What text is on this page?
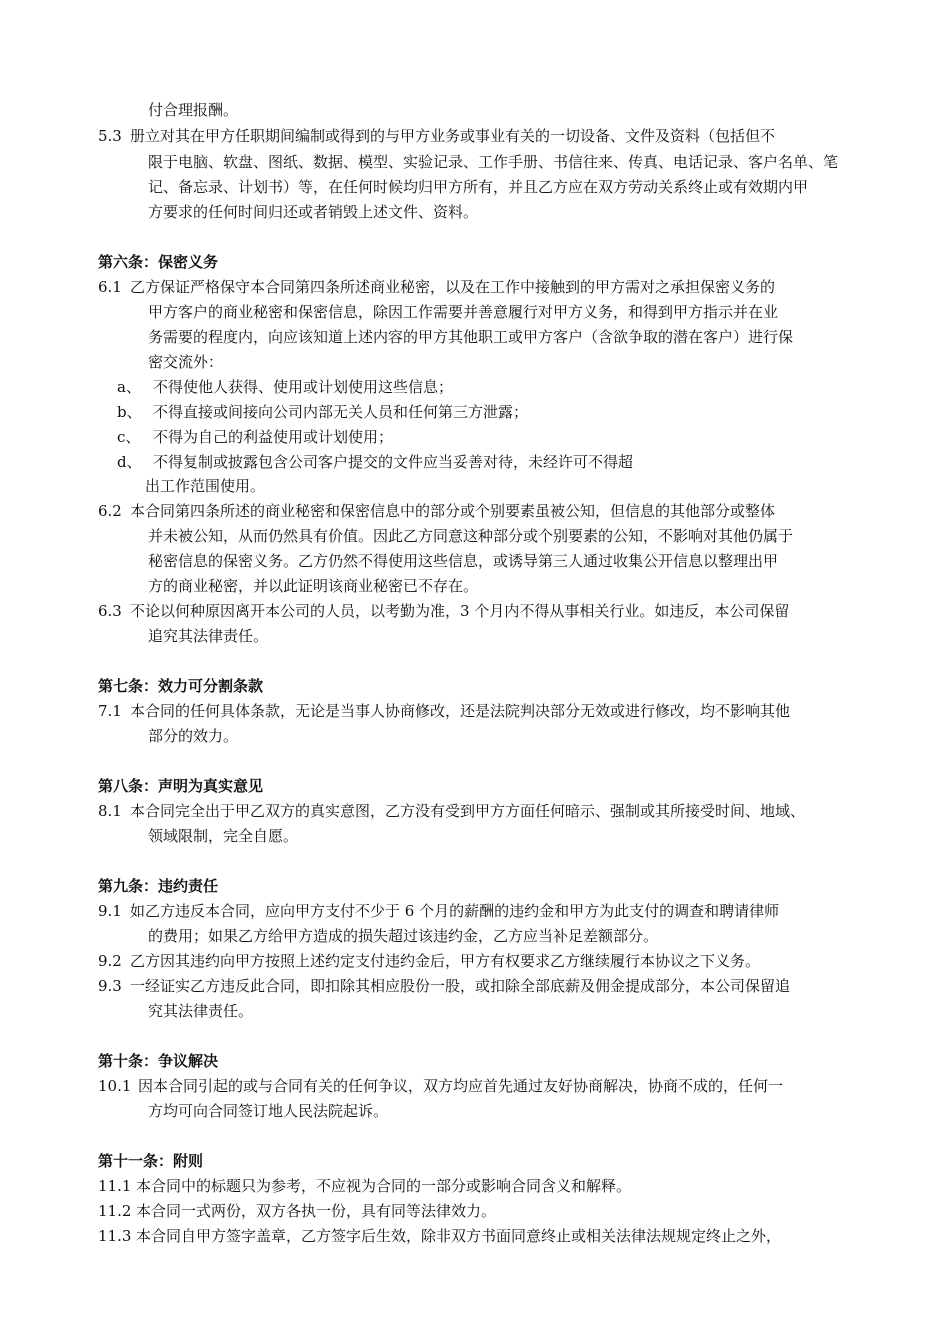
付合理报酬。
5.3 册立对其在甲方任职期间编制或得到的与甲方业务或事业有关的一切设备、文件及资料（包括但不
限于电脑、软盘、图纸、数据、模型、实验记录、工作手册、书信往来、传真、电话记录、客户名单、笔
记、备忘录、计划书）等，在任何时候均归甲方所有，并且乙方应在双方劳动关系终止或有效期内甲
方要求的任何时间归还或者销毁上述文件、资料。
第六条：保密义务
6.1 乙方保证严格保守本合同第四条所述商业秘密，以及在工作中接触到的甲方需对之承担保密义务的
甲方客户的商业秘密和保密信息，除因工作需要并善意履行对甲方义务，和得到甲方指示并在业
务需要的程度内，向应该知道上述内容的甲方其他职工或甲方客户（含欲争取的潜在客户）进行保
密交流外：
a、 不得使他人获得、使用或计划使用这些信息；
b、 不得直接或间接向公司内部无关人员和任何第三方泄露；
c、 不得为自己的利益使用或计划使用；
d、 不得复制或披露包含公司客户提交的文件应当妥善对待，未经许可不得超
出工作范围使用。
6.2 本合同第四条所述的商业秘密和保密信息中的部分或个别要素虽被公知，但信息的其他部分或整体
并未被公知，从而仍然具有价值。因此乙方同意这种部分或个别要素的公知，不影响对其他仍属于
秘密信息的保密义务。乙方仍然不得使用这些信息，或诱导第三人通过收集公开信息以整理出甲
方的商业秘密，并以此证明该商业秘密已不存在。
6.3 不论以何种原因离开本公司的人员，以考勤为准，3 个月内不得从事相关行业。如违反，本公司保留
追究其法律责任。
第七条：效力可分割条款
7.1 本合同的任何具体条款，无论是当事人协商修改，还是法院判决部分无效或进行修改，均不影响其他
部分的效力。
第八条：声明为真实意见
8.1 本合同完全出于甲乙双方的真实意图，乙方没有受到甲方方面任何暗示、强制或其所接受时间、地域、
领域限制，完全自愿。
第九条：违约责任
9.1 如乙方违反本合同，应向甲方支付不少于 6 个月的薪酬的违约金和甲方为此支付的调查和聘请律师
的费用；如果乙方给甲方造成的损失超过该违约金，乙方应当补足差额部分。
9.2 乙方因其违约向甲方按照上述约定支付违约金后，甲方有权要求乙方继续履行本协议之下义务。
9.3 一经证实乙方违反此合同，即扣除其相应股份一股，或扣除全部底薪及佣金提成部分，本公司保留追
究其法律责任。
第十条：争议解决
10.1 因本合同引起的或与合同有关的任何争议，双方均应首先通过友好协商解决，协商不成的，任何一
方均可向合同签订地人民法院起诉。
第十一条：附则
11.1 本合同中的标题只为参考，不应视为合同的一部分或影响合同含义和解释。
11.2 本合同一式两份，双方各执一份，具有同等法律效力。
11.3 本合同自甲方签字盖章，乙方签字后生效，除非双方书面同意终止或相关法律法规规定终止之外，
